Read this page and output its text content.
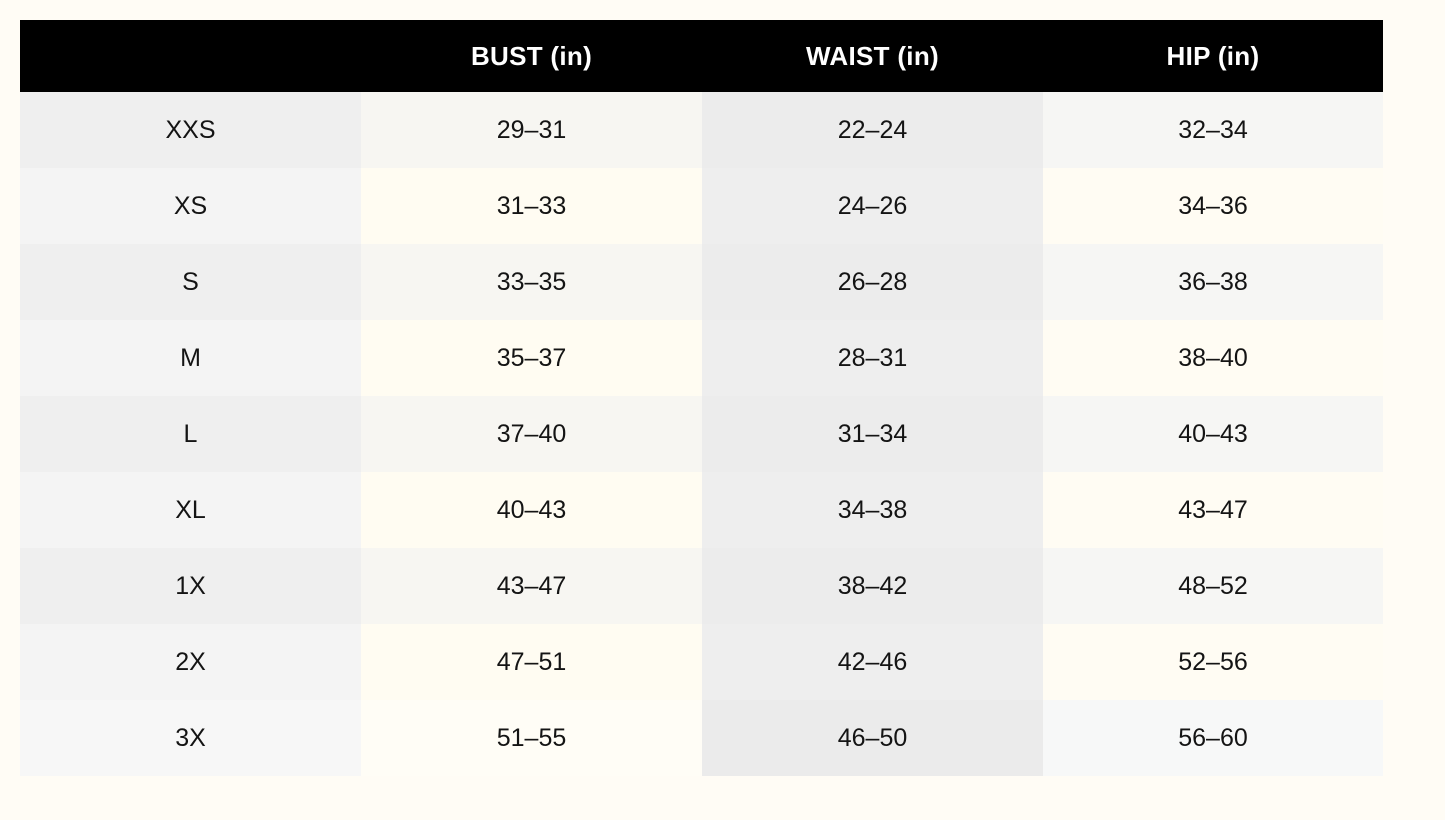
	BUST (in)	WAIST (in)	HIP (in)
XXS	29–31	22–24	32–34
XS	31–33	24–26	34–36
S	33–35	26–28	36–38
M	35–37	28–31	38–40
L	37–40	31–34	40–43
XL	40–43	34–38	43–47
1X	43–47	38–42	48–52
2X	47–51	42–46	52–56
3X	51–55	46–50	56–60
